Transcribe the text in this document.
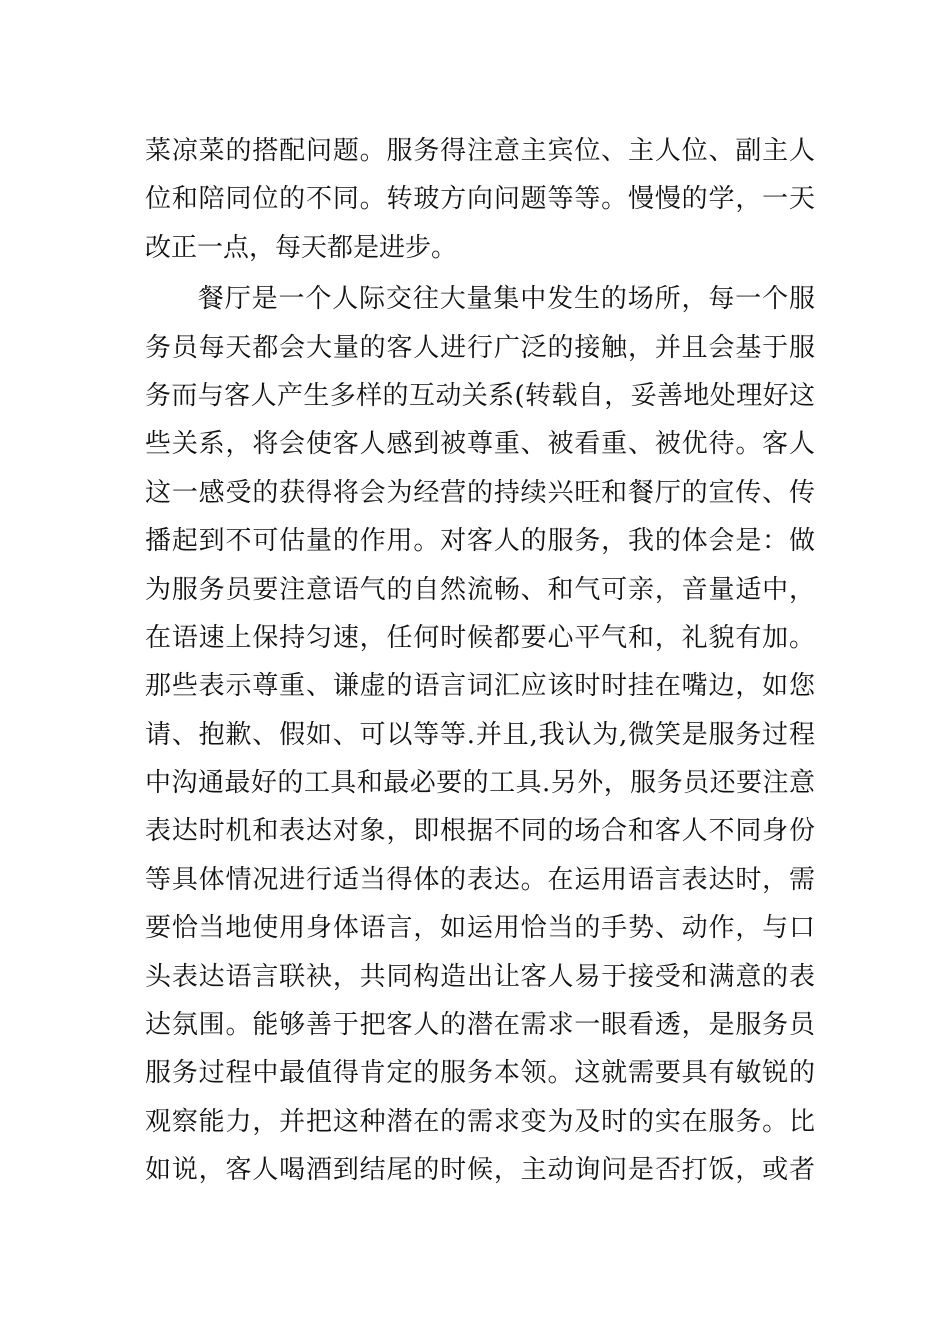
菜凉菜的搭配问题。服务得注意主宾位、主人位、副主人
位和陪同位的不同。转玻方向问题等等。慢慢的学，一天
改正一点，每天都是进步。
餐厅是一个人际交往大量集中发生的场所，每一个服
务员每天都会大量的客人进行广泛的接触，并且会基于服
务而与客人产生多样的互动关系(转载自，妥善地处理好这
些关系，将会使客人感到被尊重、被看重、被优待。客人
这一感受的获得将会为经营的持续兴旺和餐厅的宣传、传
播起到不可估量的作用。对客人的服务，我的体会是：做
为服务员要注意语气的自然流畅、和气可亲，音量适中，
在语速上保持匀速，任何时候都要心平气和，礼貌有加。
那些表示尊重、谦虚的语言词汇应该时时挂在嘴边，如您
请、抱歉、假如、可以等等.并且,我认为,微笑是服务过程
中沟通最好的工具和最必要的工具.另外，服务员还要注意
表达时机和表达对象，即根据不同的场合和客人不同身份
等具体情况进行适当得体的表达。在运用语言表达时，需
要恰当地使用身体语言，如运用恰当的手势、动作，与口
头表达语言联袂，共同构造出让客人易于接受和满意的表
达氛围。能够善于把客人的潜在需求一眼看透，是服务员
服务过程中最值得肯定的服务本领。这就需要具有敏锐的
观察能力，并把这种潜在的需求变为及时的实在服务。比
如说，客人喝酒到结尾的时候，主动询问是否打饭，或者
